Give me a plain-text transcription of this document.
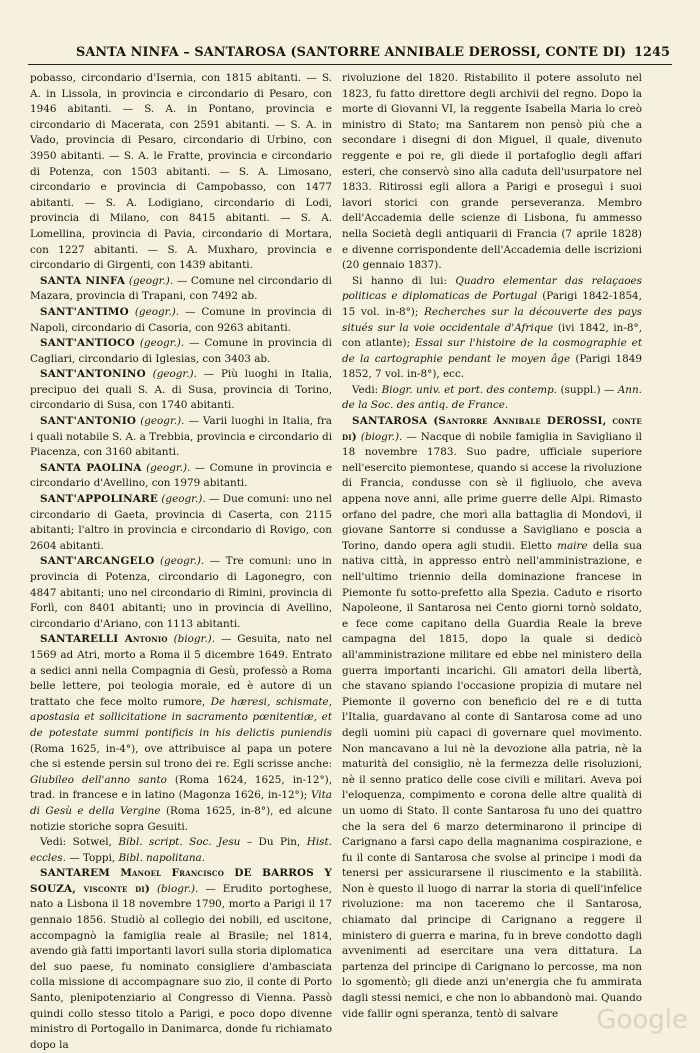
SANTA NINFA – SANTAROSA (SANTORRE ANNIBALE DEROSSI, CONTE DI) 1245

pobasso, circondario d'Isernia, con 1815 abitanti. — S. A. in Lissola, in provincia e circondario di Pesaro, con 1946 abitanti. — S. A. in Pontano, provincia e circondario di Macerata, con 2591 abitanti. — S. A. in Vado, provincia di Pesaro, circondario di Urbino, con 3950 abitanti. — S. A. le Fratte, provincia e circondario di Potenza, con 1503 abitanti. — S. A. Limosano, circondario e provincia di Campobasso, con 1477 abitanti. — S. A. Lodigiano, circondario di Lodi, provincia di Milano, con 8415 abitanti. — S. A. Lomellina, provincia di Pavia, circondario di Mortara, con 1227 abitanti. — S. A. Muxharo, provincia e circondario di Girgenti, con 1439 abitanti.

SANTA NINFA (geogr.). — Comune nel circondario di Mazara, provincia di Trapani, con 7492 ab.

SANT'ANTIMO (geogr.). — Comune in provincia di Napoli, circondario di Casoria, con 9263 abitanti.

SANT'ANTIOCO (geogr.). — Comune in provincia di Cagliari, circondario di Iglesias, con 3403 ab.

SANT'ANTONINO (geogr.). — Più luoghi in Italia, precipuo dei quali S. A. di Susa, provincia di Torino, circondario di Susa, con 1740 abitanti.

SANT'ANTONIO (geogr.). — Varii luoghi in Italia, fra i quali notabile S. A. a Trebbia, provincia e circondario di Piacenza, con 3160 abitanti.

SANTA PAOLINA (geogr.). — Comune in provincia e circondario d'Avellino, con 1979 abitanti.

SANT'APPOLINARE (geogr.). — Due comuni: uno nel circondario di Gaeta, provincia di Caserta, con 2115 abitanti; l'altro in provincia e circondario di Rovigo, con 2604 abitanti.

SANT'ARCANGELO (geogr.). — Tre comuni: uno in provincia di Potenza, circondario di Lagonegro, con 4847 abitanti; uno nel circondario di Rimini, provincia di Forlì, con 8401 abitanti; uno in provincia di Avellino, circondario d'Ariano, con 1113 abitanti.

SANTARELLI Antonio (biogr.). — Gesuita, nato nel 1569 ad Atri, morto a Roma il 5 dicembre 1649. Entrato a sedici anni nella Compagnia di Gesù, professò a Roma belle lettere, poi teologia morale, ed è autore di un trattato che fece molto rumore, De hæresi, schismate, apostasia et sollicitatione in sacramento pœnitentiæ, et de potestate summi pontificis in his delictis puniendis (Roma 1625, in-4°), ove attribuisce al papa un potere che si estende persin sul trono dei re. Egli scrisse anche: Giubileo dell'anno santo (Roma 1624, 1625, in-12°), trad. in francese e in latino (Magonza 1626, in-12°); Vita di Gesù e della Vergine (Roma 1625, in-8°), ed alcune notizie storiche sopra Gesuiti.

Vedi: Sotwel, Bibl. script. Soc. Jesu – Du Pin, Hist. eccles. — Toppi, Bibl. napolitana.

SANTAREM Manoel Francisco DE BARROS Y SOUZA, visconte di) (biogr.). — Erudito portoghese, nato a Lisbona il 18 novembre 1790, morto a Parigi il 17 gennaio 1856. Studiò al collegio dei nobili, ed uscitone, accompagnò la famiglia reale al Brasile; nel 1814, avendo già fatti importanti lavori sulla storia diplomatica del suo paese, fu nominato consigliere d'ambasciata colla missione di accompagnare suo zio, il conte di Porto Santo, plenipotenziario al Congresso di Vienna. Passò quindi collo stesso titolo a Parigi, e poco dopo divenne ministro di Portogallo in Danimarca, donde fu richiamato dopo la

rivoluzione del 1820. Ristabilito il potere assoluto nel 1823, fu fatto direttore degli archivii del regno. Dopo la morte di Giovanni VI, la reggente Isabella Maria lo creò ministro di Stato; ma Santarem non pensò più che a secondare i disegni di don Miguel, il quale, divenuto reggente e poi re, gli diede il portafoglio degli affari esteri, che conservò sino alla caduta dell'usurpatore nel 1833. Ritirossi egli allora a Parigi e proseguì i suoi lavori storici con grande perseveranza. Membro dell'Accademia delle scienze di Lisbona, fu ammesso nella Società degli antiquarii di Francia (7 aprile 1828) e divenne corrispondente dell'Accademia delle iscrizioni (20 gennaio 1837).

Si hanno di lui: Quadro elementar das relaçaoes politicas e diplomaticas de Portugal (Parigi 1842-1854, 15 vol. in-8°); Recherches sur la découverte des pays situés sur la voie occidentale d'Afrique (ivi 1842, in-8°, con atlante); Essai sur l'histoire de la cosmographie et de la cartographie pendant le moyen âge (Parigi 1849 1852, 7 vol. in-8°), ecc.

Vedi: Biogr. univ. et port. des contemp. (suppl.) — Ann. de la Soc. des antiq. de France.

SANTAROSA (Santorre Annibale DEROSSI, conte di) (biogr.). — Nacque di nobile famiglia in Savigliano il 18 novembre 1783. Suo padre, ufficiale superiore nell'esercito piemontese, quando si accese la rivoluzione di Francia, condusse con sè il figliuolo, che aveva appena nove anni, alle prime guerre delle Alpi. Rimasto orfano del padre, che morì alla battaglia di Mondovì, il giovane Santorre si condusse a Savigliano e poscia a Torino, dando opera agli studii. Eletto maire della sua nativa città, in appresso entrò nell'amministrazione, e nell'ultimo triennio della dominazione francese in Piemonte fu sotto-prefetto alla Spezia. Caduto e risorto Napoleone, il Santarosa nei Cento giorni tornò soldato, e fece come capitano della Guardia Reale la breve campagna del 1815, dopo la quale si dedicò all'amministrazione militare ed ebbe nel ministero della guerra importanti incarichi. Gli amatori della libertà, che stavano spiando l'occasione propizia di mutare nel Piemonte il governo con beneficio del re e di tutta l'Italia, guardavano al conte di Santarosa come ad uno degli uomini più capaci di governare quel movimento. Non mancavano a lui nè la devozione alla patria, nè la maturità del consiglio, nè la fermezza delle risoluzioni, nè il senno pratico delle cose civili e militari. Aveva poi l'eloquenza, compimento e corona delle altre qualità di un uomo di Stato. Il conte Santarosa fu uno dei quattro che la sera del 6 marzo determinarono il principe di Carignano a farsi capo della magnanima cospirazione, e fu il conte di Santarosa che svolse al principe i modi da tenersi per assicurarsene il riuscimento e la stabilità. Non è questo il luogo di narrar la storia di quell'infelice rivoluzione: ma non taceremo che il Santarosa, chiamato dal principe di Carignano a reggere il ministero di guerra e marina, fu in breve condotto dagli avvenimenti ad esercitare una vera dittatura. La partenza del principe di Carignano lo percosse, ma non lo sgomentò; gli diede anzi un'energia che fu ammirata dagli stessi nemici, e che non lo abbandonò mai. Quando vide fallir ogni speranza, tentò di salvare	Google
